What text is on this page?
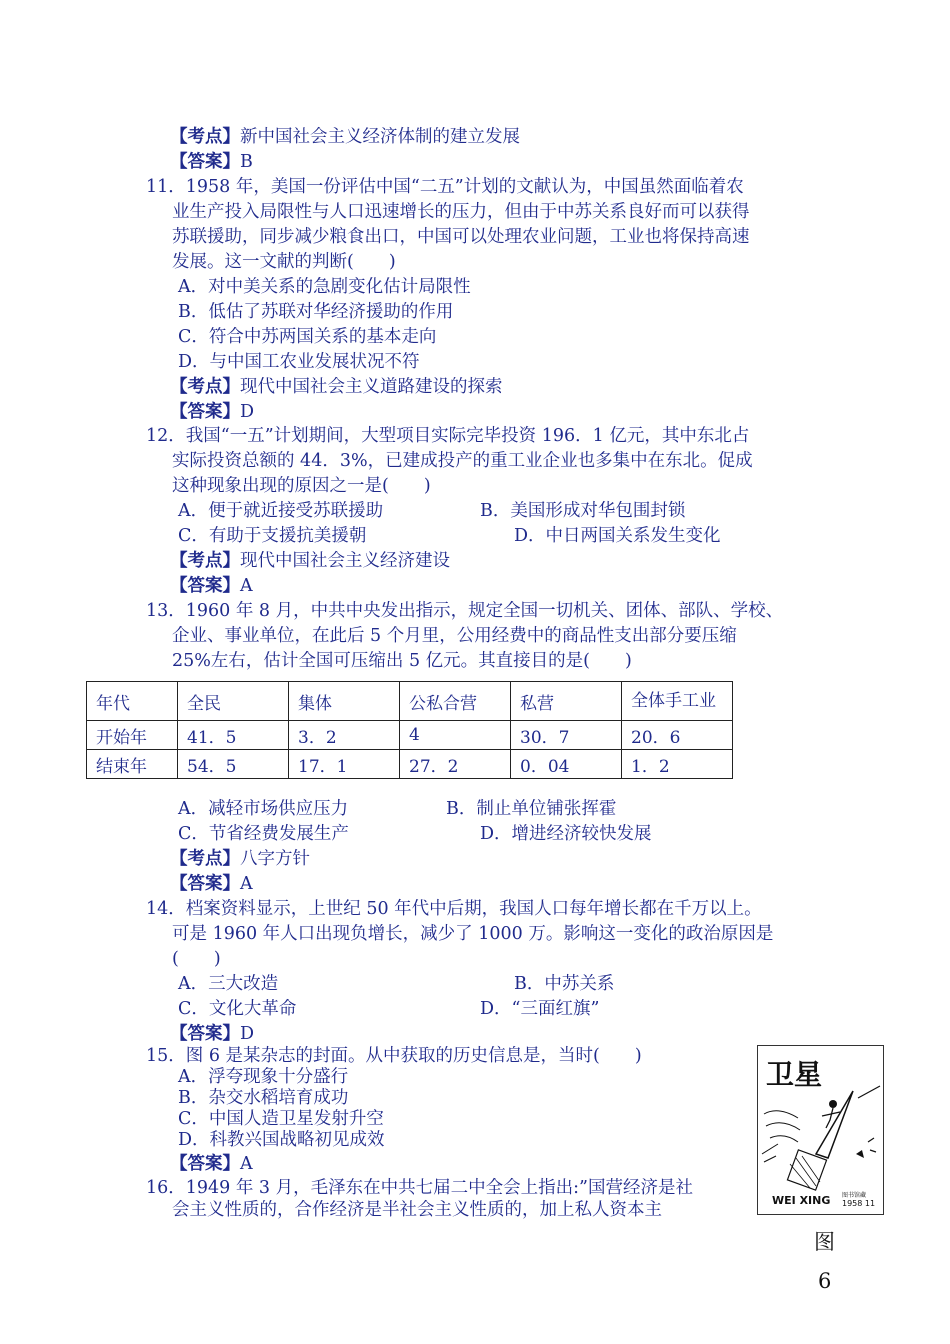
【考点】新中国社会主义经济体制的建立发展
【答案】B
11．1958 年，美国一份评估中国“二五”计划的文献认为，中国虽然面临着农
业生产投入局限性与人口迅速增长的压力，但由于中苏关系良好而可以获得
苏联援助，同步减少粮食出口，中国可以处理农业问题，工业也将保持高速
发展。这一文献的判断(　　)
A．对中美关系的急剧变化估计局限性
B．低估了苏联对华经济援助的作用
C．符合中苏两国关系的基本走向
D．与中国工农业发展状况不符
【考点】现代中国社会主义道路建设的探索
【答案】D
12．我国“一五”计划期间，大型项目实际完毕投资 196．1 亿元，其中东北占
实际投资总额的 44．3%，已建成投产的重工业企业也多集中在东北。促成
这种现象出现的原因之一是(　　)
A．便于就近接受苏联援助	B．美国形成对华包围封锁
C．有助于支援抗美援朝	D．中日两国关系发生变化
【考点】现代中国社会主义经济建设
【答案】A
13．1960 年 8 月，中共中央发出指示，规定全国一切机关、团体、部队、学校、
企业、事业单位，在此后 5 个月里，公用经费中的商品性支出部分要压缩
25%左右，估计全国可压缩出 5 亿元。其直接目的是(　　)
年代	全民	集体	公私合营	私营	全体手工业
开始年	41．5	3．2	4	30．7	20．6
结束年	54．5	17．1	27．2	0．04	1．2
A．减轻市场供应压力	B．制止单位铺张挥霍
C．节省经费发展生产	D．增进经济较快发展
【考点】八字方针
【答案】A
14．档案资料显示，上世纪 50 年代中后期，我国人口每年增长都在千万以上。
可是 1960 年人口出现负增长，减少了 1000 万。影响这一变化的政治原因是
(　　)
A．三大改造	B．中苏关系
C．文化大革命	D．“三面红旗”
【答案】D
15．图 6 是某杂志的封面。从中获取的历史信息是，当时(　　)
A．浮夸现象十分盛行
B．杂交水稻培育成功
C．中国人造卫星发射升空
D．科教兴国战略初见成效
【答案】A
16．1949 年 3 月，毛泽东在中共七届二中全会上指出:”国营经济是社
会主义性质的，合作经济是半社会主义性质的，加上私人资本主
卫星
WEI XING 图书馆藏
1958 11
图
6
